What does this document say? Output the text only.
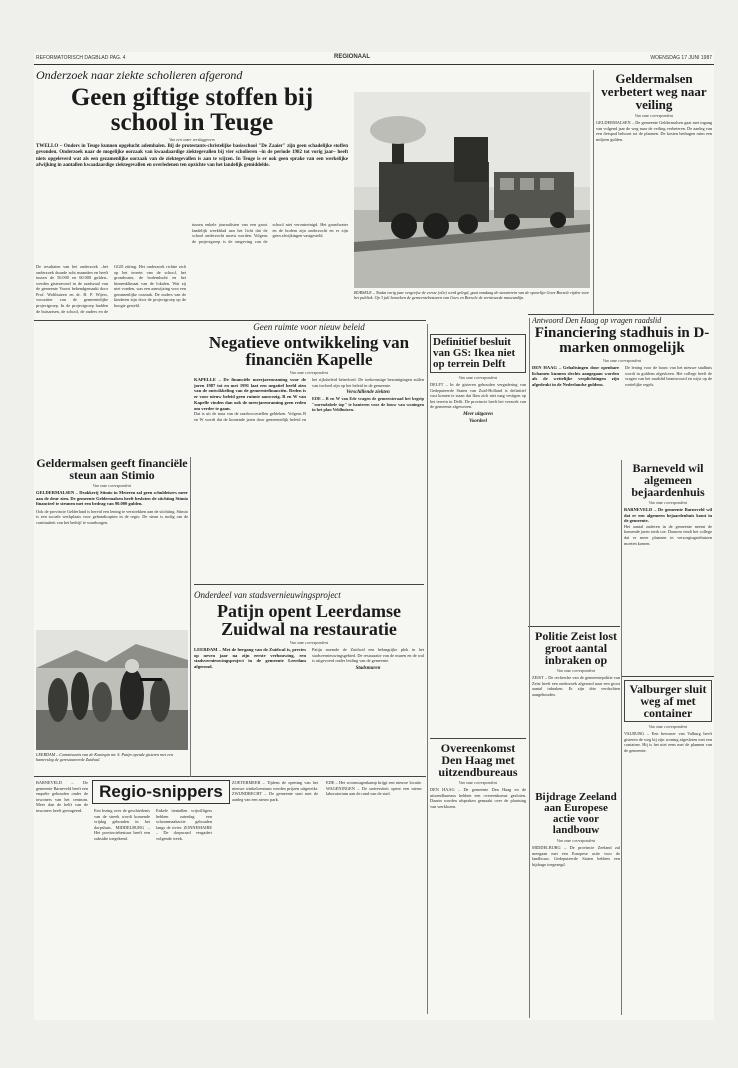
REFORMATORISCH DAGBLAD PAG. 4	REGIONAAL	WOENSDAG 17 JUNI 1987
Onderzoek naar ziekte scholieren afgerond
Geen giftige stoffen bij school in Teuge
Van een onzer verslaggevers

TWELLO – Onders in Teuge kunnen opgelucht ademhalen. Bij de protestants-christelijke basisschool "De Zaaier" zijn geen schadelijke stoffen gevonden. Onderzoek naar de mogelijke oorzaak van kwaadaardige ziektegevallen bij vier scholieren –in de periode 1982 tot vorig jaar– heeft niets opgeleverd wat als een gezamenlijke oorzaak van de ziektegevallen is aan te wijzen. In Teuge is er ook geen sprake van een werkelijke afwijking in aantallen kwaadaardige ziektegevallen en overledenen ten opzichte van het landelijk gemiddelde.

De resultaten van het onderzoek –het onderzoek duurde acht maanden en heeft tussen de 50.000 en 60.000 gulden– werden gisteravond in de raadszaal van de gemeente Voorst bekendgemaakt door Prof. Wolthuizen en dr. B. P. Wijers, voorzitter van de gemeentelijke projectgroep. In de projectgroep hadden de huisartsen, de school, de ouders en de GGD zitting. Het onderzoek richtte zich op het terrein van de school, het grondwater, de bodemlucht en het binnenklimaat van de lokalen. Wat zij niet vonden, was een aanwijzing voor een gezamenlijke oorzaak. De ouders van de kinderen zijn door de projectgroep op de hoogte gesteld.

tussen enkele journalisten van een groot landelijk weekblad aan het licht dat de school onderzocht moest worden. Volgens de projectgroep is de omgeving van de school niet verontreinigd. Het grondwater en de bodem zijn onderzocht en er zijn geen afwijkingen vastgesteld.

BORSELE – Nadat vorig jaar vergeefse de eerste (olie) werd gelegd, gaat vandaag de stoomtrein van de spoorlijn Goes-Borsele rijden voor het publiek. Op 3 juli bezoeken de gemeentebesturen van Goes en Borsele de vernieuwde museumlijn.
Geldermalsen verbetert weg naar veiling
Van onze correspondent

GELDERMALSEN – De gemeente Geldermalsen gaat met ingang van volgend jaar de weg naar de veiling verbeteren. De aanleg van een fietspad behoort tot de plannen. De kosten bedragen ruim een miljoen gulden.

Geen ruimte voor nieuw beleid
Negatieve ontwikkeling van financiën Kapelle
Van onze correspondent

KAPELLE – De financiële meerjarenraming voor de jaren 1987 tot en met 1991 laat een negatief beeld zien van de ontwikkeling van de gemeentefinanciën. Reden is er voor nieuw beleid geen ruimte aanwezig. B en W van Kapelle vinden dan ook de meerjarenraming geen reden om verder te gaan.

Dat is uit de nota van de raadsvoorstellen gebleken. Volgens B en W wordt dat de komende jaren door gemeentelijk beleid en het rijksbeleid beïnvloed. De toekomstige bezuinigingen zullen van invloed zijn op het beleid in de gemeente.

Verschillende ziekten

EDE – B en W van Ede vragen de gemeenteraad het begrip "onrendabele top" te hanteren voor de bouw van woningen in het plan Veldhuizen.

Geldermalsen geeft financiële steun aan Stimio
Van onze correspondent

GELDERMALSEN – Drakkerij Stimio in Meteren zal geen schuldeisers meer aan de deur zien. De gemeente Geldermalsen heeft besloten de stichting Stimio financieel te steunen met een bedrag van 90.000 gulden.

Ook de provincie Gelderland is bereid een lening te verstrekken aan de stichting. Stimio is een sociale werkplaats voor gehandicapten in de regio. De steun is nodig om de continuïteit van het bedrijf te waarborgen.

Definitief besluit van GS: Ikea niet op terrein Delft
Van onze correspondent

DELFT – In de gisteren gehouden vergadering van Gedeputeerde Staten van Zuid-Holland is definitief vast komen te staan dat Ikea zich niet mag vestigen op het terrein in Delft. De provincie heeft het verzoek van de gemeente afgewezen.

Meer uitgaven
Voordeel
Antwoord Den Haag op vragen raadslid
Financiering stadhuis in D-marken onmogelijk
Van onze correspondent

DEN HAAG – Gehaltsingen door openbare lichamen kunnen slechts aangegaan worden als de wettelijke verplichtingen zijn afgedrukt in de Nederlandse guldens.

De lening voor de bouw van het nieuwe stadhuis wordt in guldens afgesloten. Het college heeft de vragen van het raadslid beantwoord en wijst op de wettelijke regels.

Barneveld wil algemeen bejaardenhuis
Van onze correspondent

BARNEVELD – De gemeente Barneveld wil dat er een algemeen bejaardenhuis komt in de gemeente.

Het aantal ouderen in de gemeente neemt de komende jaren sterk toe. Daarom vindt het college dat er meer plaatsen in verzorgingstehuizen moeten komen.

LEERDAM – Commissaris van de Koningin mr. S. Patijn opende gisteren met een hamerslag de gerestaureerde Zuidwal.
Onderdeel van stadsvernieuwingsproject
Patijn opent Leerdamse Zuidwal na restauratie
Van onze correspondent

LEERDAM – Met de hergang van de Zuidwal is, precies op neven jaar na zijn eerste verbouwing, een stadsvernieuwingsproject in de gemeente Leerdam afgerond.

Patijn noemde de Zuidwal een belangrijke plek in het stadsvernieuwingsgebied. De restauratie van de muren en de wal is uitgevoerd onder leiding van de gemeente.

Stadsmuren
Politie Zeist lost groot aantal inbraken op
Van onze correspondent

ZEIST – De recherche van de gemeentepolitie van Zeist heeft een onderzoek afgerond naar een groot aantal inbraken. Er zijn drie verdachten aangehouden.

Overeenkomst Den Haag met uitzendbureaus
Van onze correspondent

DEN HAAG – De gemeente Den Haag en de uitzendbureaus hebben een overeenkomst gesloten. Daarin worden afspraken gemaakt over de plaatsing van werklozen.

Bijdrage Zeeland aan Europese actie voor landbouw
Van onze correspondent

MIDDELBURG – De provincie Zeeland zal meegaan met een Europese actie voor de landbouw. Gedeputeerde Staten hebben een bijdrage toegezegd.

Valburger sluit weg af met container
Van onze correspondent

VALBURG – Een bewoner van Valburg heeft gisteren de weg bij zijn woning afgesloten met een container. Hij is het niet eens met de plannen van de gemeente.

Regio-snippers

BARNEVELD – De gemeente Barneveld heeft een enquête gehouden onder de inwoners van het centrum. Meer dan de helft van de inwoners heeft gereageerd.	Een lezing over de geschiedenis van de streek wordt komende vrijdag gehouden in het dorpshuis. MIDDELBURG – Het provinciebestuur heeft een subsidie toegekend.

Enkele tientallen vrijwilligers hebben zaterdag een schoonmaakactie gehouden langs de rivier. ZONNEMAIRE – De dorpsraad vergadert volgende week.

ZOETERMEER – Tijdens de opening van het nieuwe winkelcentrum werden prijzen uitgereikt. ZWIJNDRECHT – De gemeente start met de aanleg van een nieuw park.

EDE – Het woonwagenkamp krijgt een nieuwe locatie. WAGENINGEN – De universiteit opent een nieuw laboratorium aan de rand van de stad.
